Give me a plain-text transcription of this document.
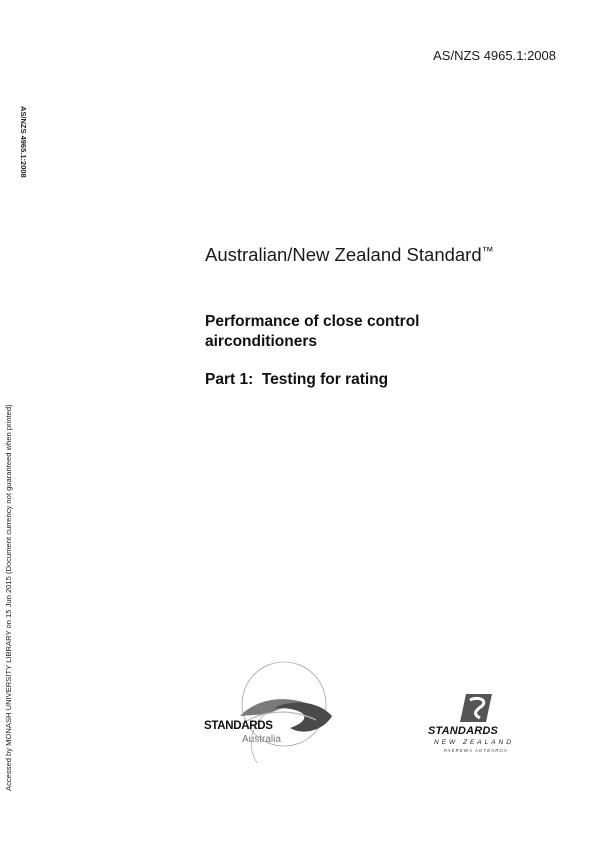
AS/NZS 4965.1:2008
AS/NZS 4965.1:2008
Accessed by MONASH UNIVERSITY LIBRARY on 15 Jun 2015 (Document currency not guaranteed when printed)
Australian/New Zealand Standard™
Performance of close control airconditioners
Part 1:  Testing for rating
STANDARDS
Australia
STANDARDS
NEW ZEALAND
PAEREWA AOTEAROA
